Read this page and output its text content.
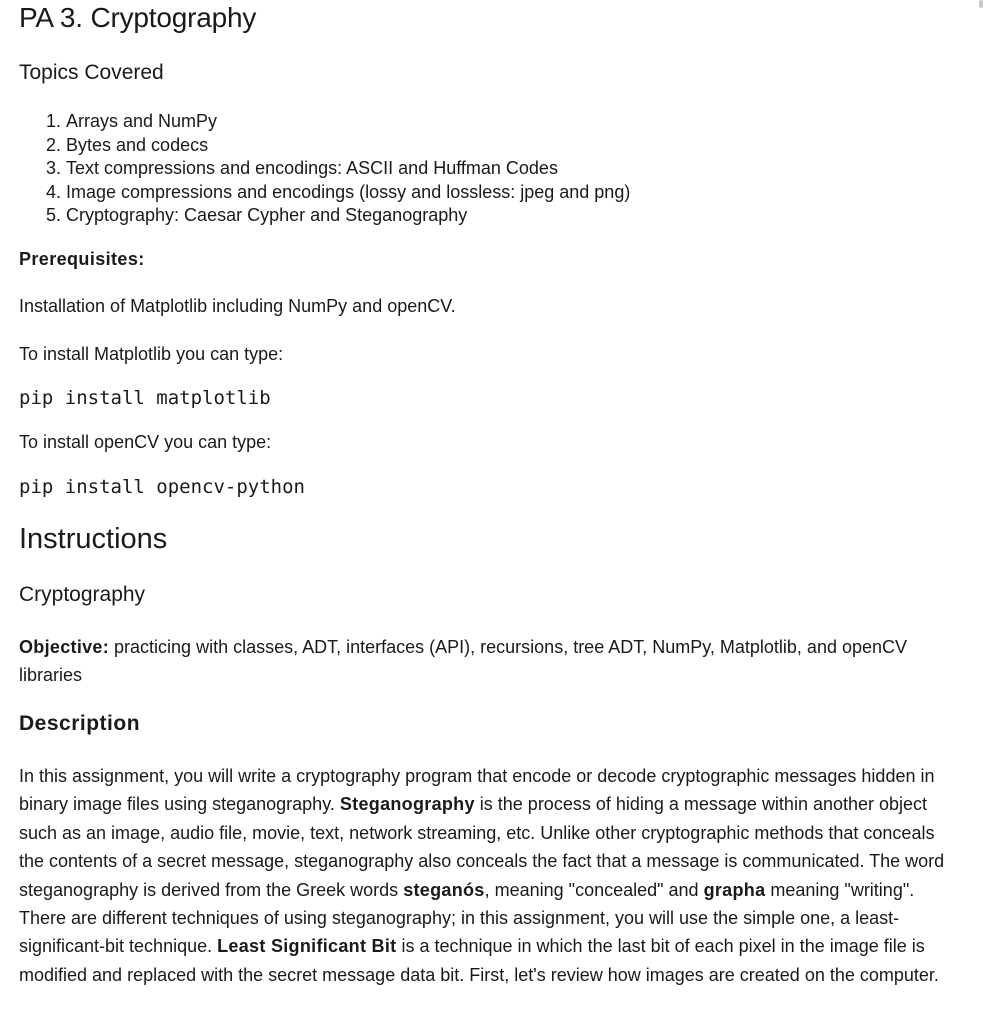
PA 3. Cryptography
Topics Covered
1. Arrays and NumPy
2. Bytes and codecs
3. Text compressions and encodings: ASCII and Huffman Codes
4. Image compressions and encodings (lossy and lossless: jpeg and png)
5. Cryptography: Caesar Cypher and Steganography

Prerequisites:

Installation of Matplotlib including NumPy and openCV.

To install Matplotlib you can type:

pip install matplotlib

To install openCV you can type:

pip install opencv-python
Instructions
Cryptography

Objective: practicing with classes, ADT, interfaces (API), recursions, tree ADT, NumPy, Matplotlib, and openCV libraries

Description

In this assignment, you will write a cryptography program that encode or decode cryptographic messages hidden in binary image files using steganography. Steganography is the process of hiding a message within another object such as an image, audio file, movie, text, network streaming, etc. Unlike other cryptographic methods that conceals the contents of a secret message, steganography also conceals the fact that a message is communicated. The word steganography is derived from the Greek words steganós, meaning "concealed" and grapha meaning "writing". There are different techniques of using steganography; in this assignment, you will use the simple one, a least-significant-bit technique. Least Significant Bit is a technique in which the last bit of each pixel in the image file is modified and replaced with the secret message data bit. First, let's review how images are created on the computer.
